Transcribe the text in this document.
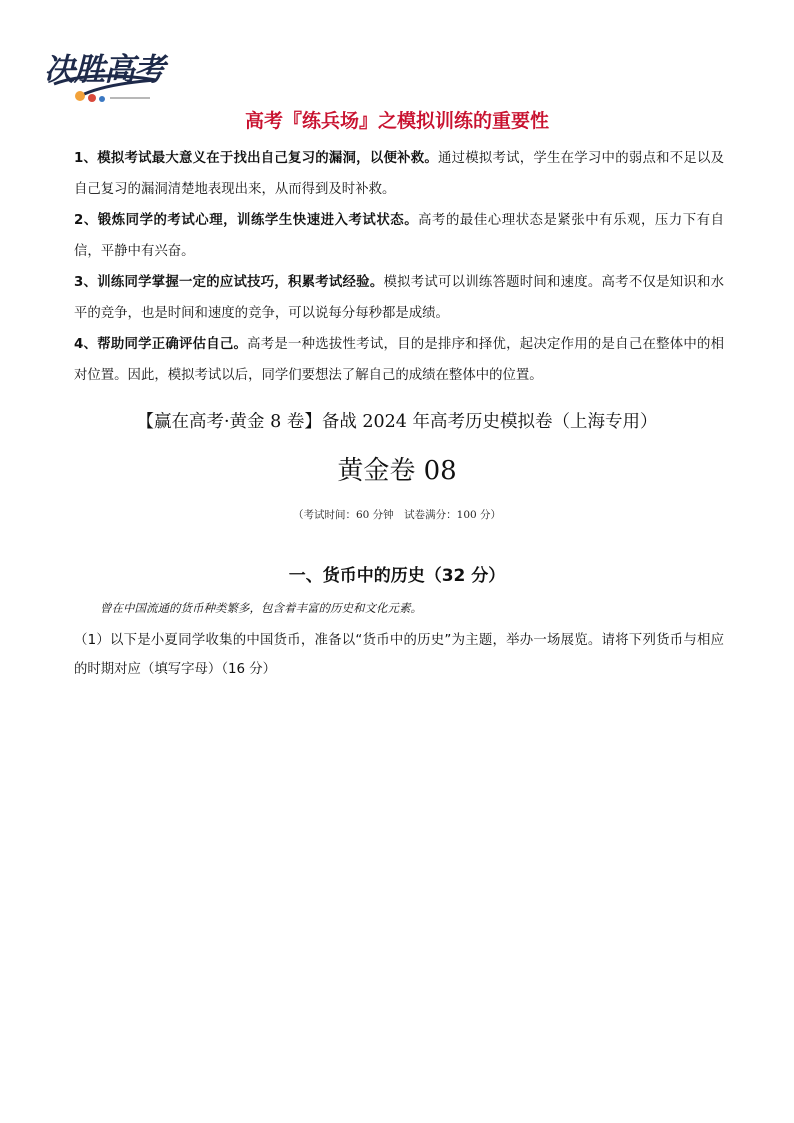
决胜高考
高考『练兵场』之模拟训练的重要性

1、模拟考试最大意义在于找出自己复习的漏洞，以便补救。通过模拟考试，学生在学习中的弱点和不足以及自己复习的漏洞清楚地表现出来，从而得到及时补救。

2、锻炼同学的考试心理，训练学生快速进入考试状态。高考的最佳心理状态是紧张中有乐观，压力下有自信，平静中有兴奋。

3、训练同学掌握一定的应试技巧，积累考试经验。模拟考试可以训练答题时间和速度。高考不仅是知识和水平的竞争，也是时间和速度的竞争，可以说每分每秒都是成绩。

4、帮助同学正确评估自己。高考是一种选拔性考试，目的是排序和择优，起决定作用的是自己在整体中的相对位置。因此，模拟考试以后，同学们要想法了解自己的成绩在整体中的位置。

【赢在高考·黄金 8 卷】备战 2024 年高考历史模拟卷（上海专用）
黄金卷 08
（考试时间：60 分钟　试卷满分：100 分）
一、货币中的历史（32 分）
曾在中国流通的货币种类繁多，包含着丰富的历史和文化元素。
（1）以下是小夏同学收集的中国货币，准备以“货币中的历史”为主题，举办一场展览。请将下列货币与相应的时期对应（填写字母）（16 分）
